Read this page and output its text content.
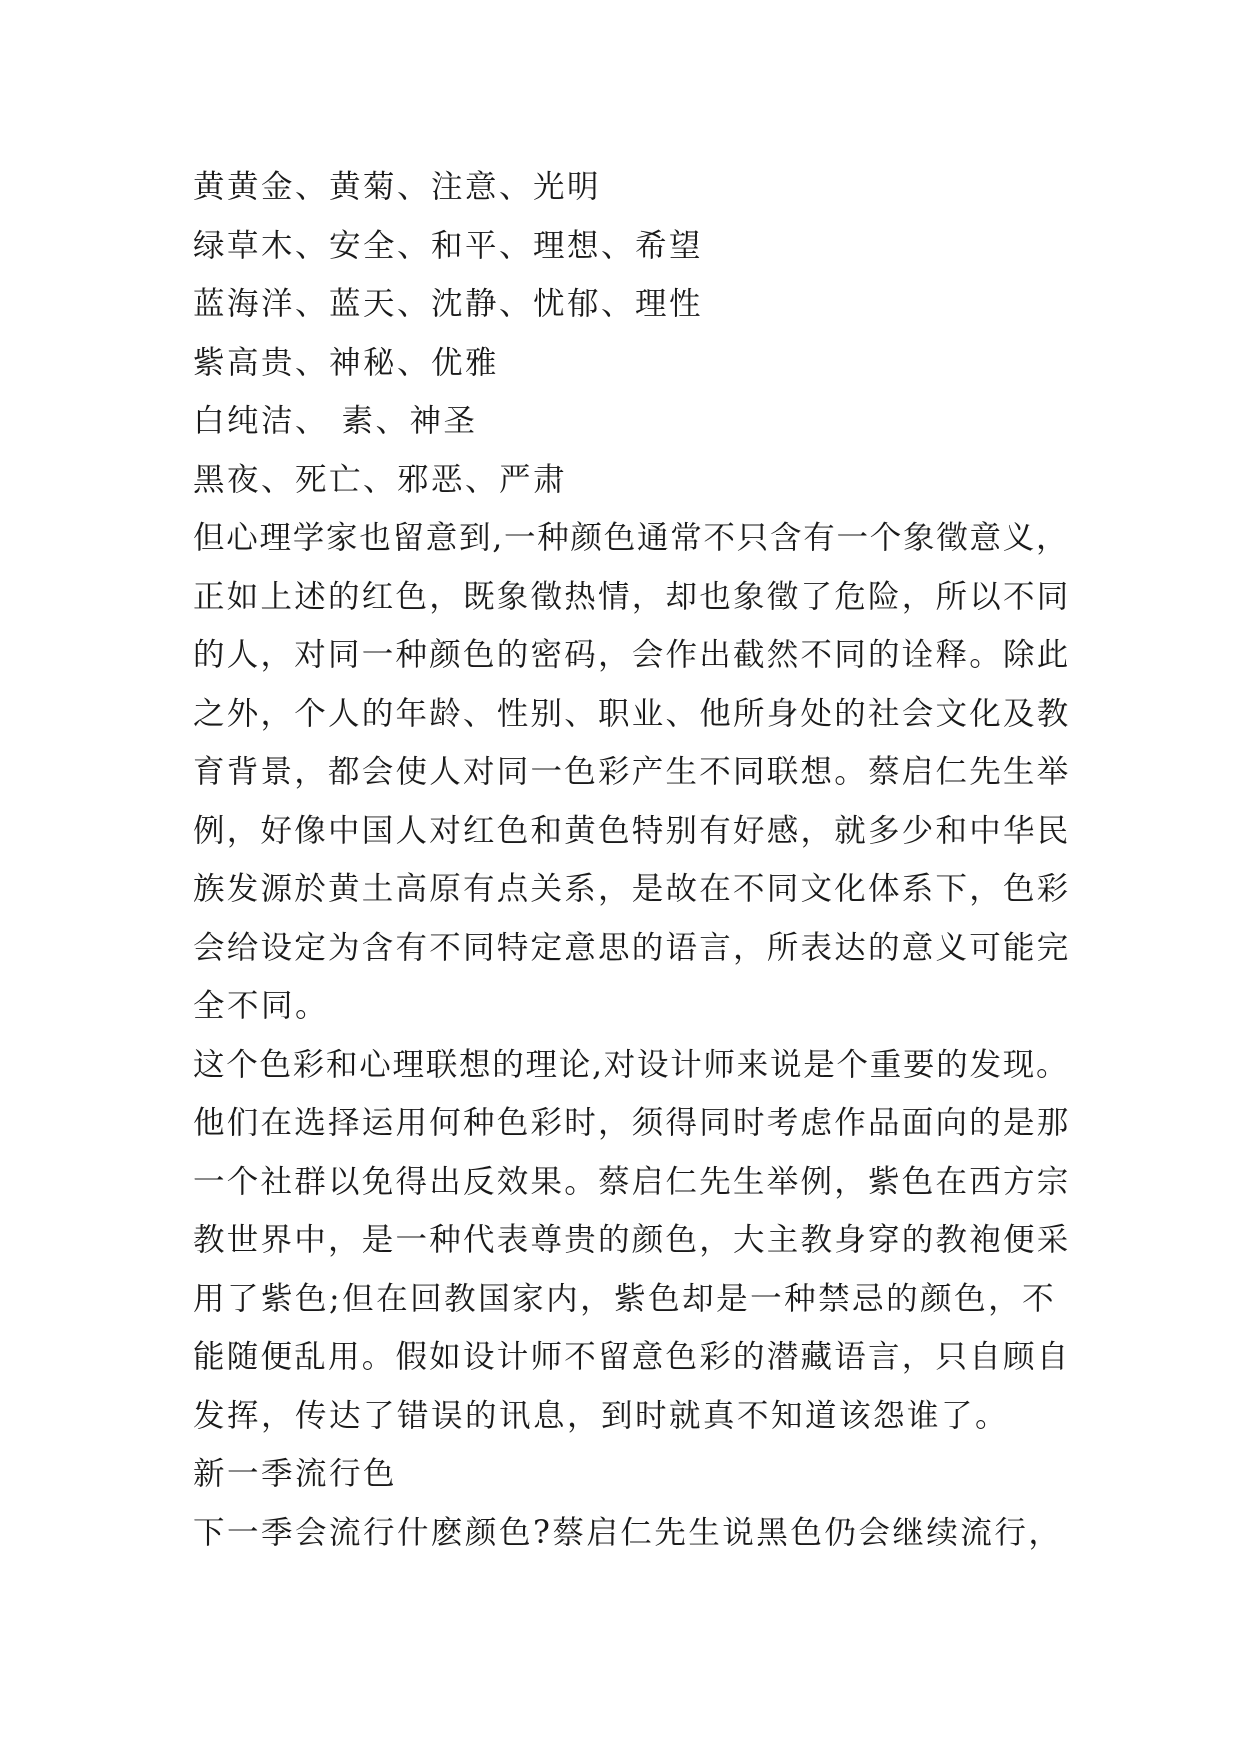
黄黄金、黄菊、注意、光明
绿草木、安全、和平、理想、希望
蓝海洋、蓝天、沈静、忧郁、理性
紫高贵、神秘、优雅
白纯洁、 素、神圣
黑夜、死亡、邪恶、严肃
但心理学家也留意到,一种颜色通常不只含有一个象徵意义，
正如上述的红色，既象徵热情，却也象徵了危险，所以不同
的人，对同一种颜色的密码，会作出截然不同的诠释。除此
之外，个人的年龄、性别、职业、他所身处的社会文化及教
育背景，都会使人对同一色彩产生不同联想。蔡启仁先生举
例，好像中国人对红色和黄色特别有好感，就多少和中华民
族发源於黄土高原有点关系，是故在不同文化体系下，色彩
会给设定为含有不同特定意思的语言，所表达的意义可能完
全不同。
这个色彩和心理联想的理论,对设计师来说是个重要的发现。
他们在选择运用何种色彩时，须得同时考虑作品面向的是那
一个社群以免得出反效果。蔡启仁先生举例，紫色在西方宗
教世界中，是一种代表尊贵的颜色，大主教身穿的教袍便采
用了紫色;但在回教国家内，紫色却是一种禁忌的颜色，不
能随便乱用。假如设计师不留意色彩的潜藏语言，只自顾自
发挥，传达了错误的讯息，到时就真不知道该怨谁了。
新一季流行色
下一季会流行什麽颜色?蔡启仁先生说黑色仍会继续流行，
